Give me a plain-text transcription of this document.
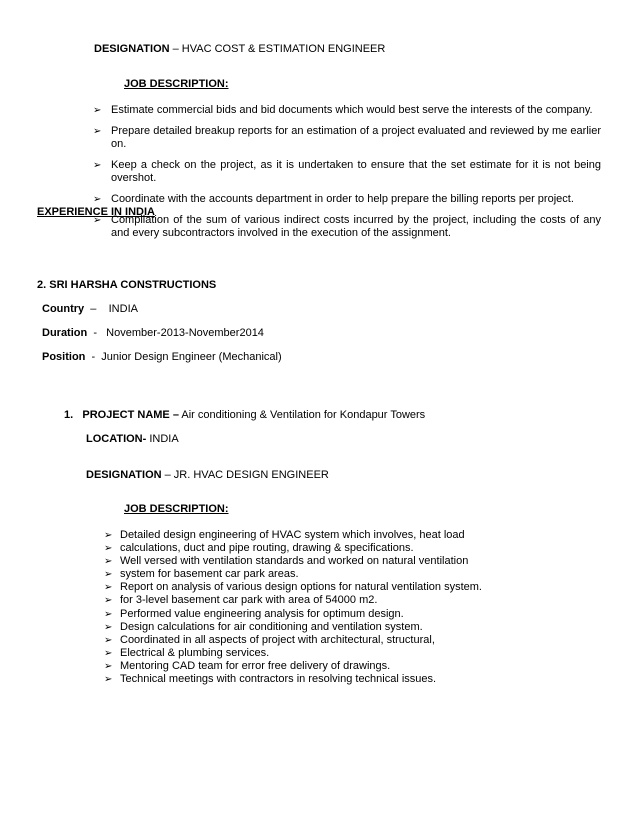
DESIGNATION – HVAC COST & ESTIMATION ENGINEER
JOB DESCRIPTION:
➢ Estimate commercial bids and bid documents which would best serve the interests of the company.
➢ Prepare detailed breakup reports for an estimation of a project evaluated and reviewed by me earlier on.
➢ Keep a check on the project, as it is undertaken to ensure that the set estimate for it is not being overshot.
➢ Coordinate with the accounts department in order to help prepare the billing reports per project.
➢ Compilation of the sum of various indirect costs incurred by the project, including the costs of any and every subcontractors involved in the execution of the assignment.
EXPERIENCE IN INDIA
2. SRI HARSHA CONSTRUCTIONS
Country  –    INDIA
Duration  -   November-2013-November2014
Position  -  Junior Design Engineer (Mechanical)
1. PROJECT NAME – Air conditioning & Ventilation for Kondapur Towers
LOCATION- INDIA
DESIGNATION – JR. HVAC DESIGN ENGINEER
JOB DESCRIPTION:
➢ Detailed design engineering of HVAC system which involves, heat load
➢ calculations, duct and pipe routing, drawing & specifications.
➢ Well versed with ventilation standards and worked on natural ventilation
➢ system for basement car park areas.
➢ Report on analysis of various design options for natural ventilation system.
➢ for 3-level basement car park with area of 54000 m2.
➢ Performed value engineering analysis for optimum design.
➢ Design calculations for air conditioning and ventilation system.
➢ Coordinated in all aspects of project with architectural, structural,
➢ Electrical & plumbing services.
➢ Mentoring CAD team for error free delivery of drawings.
➢ Technical meetings with contractors in resolving technical issues.
